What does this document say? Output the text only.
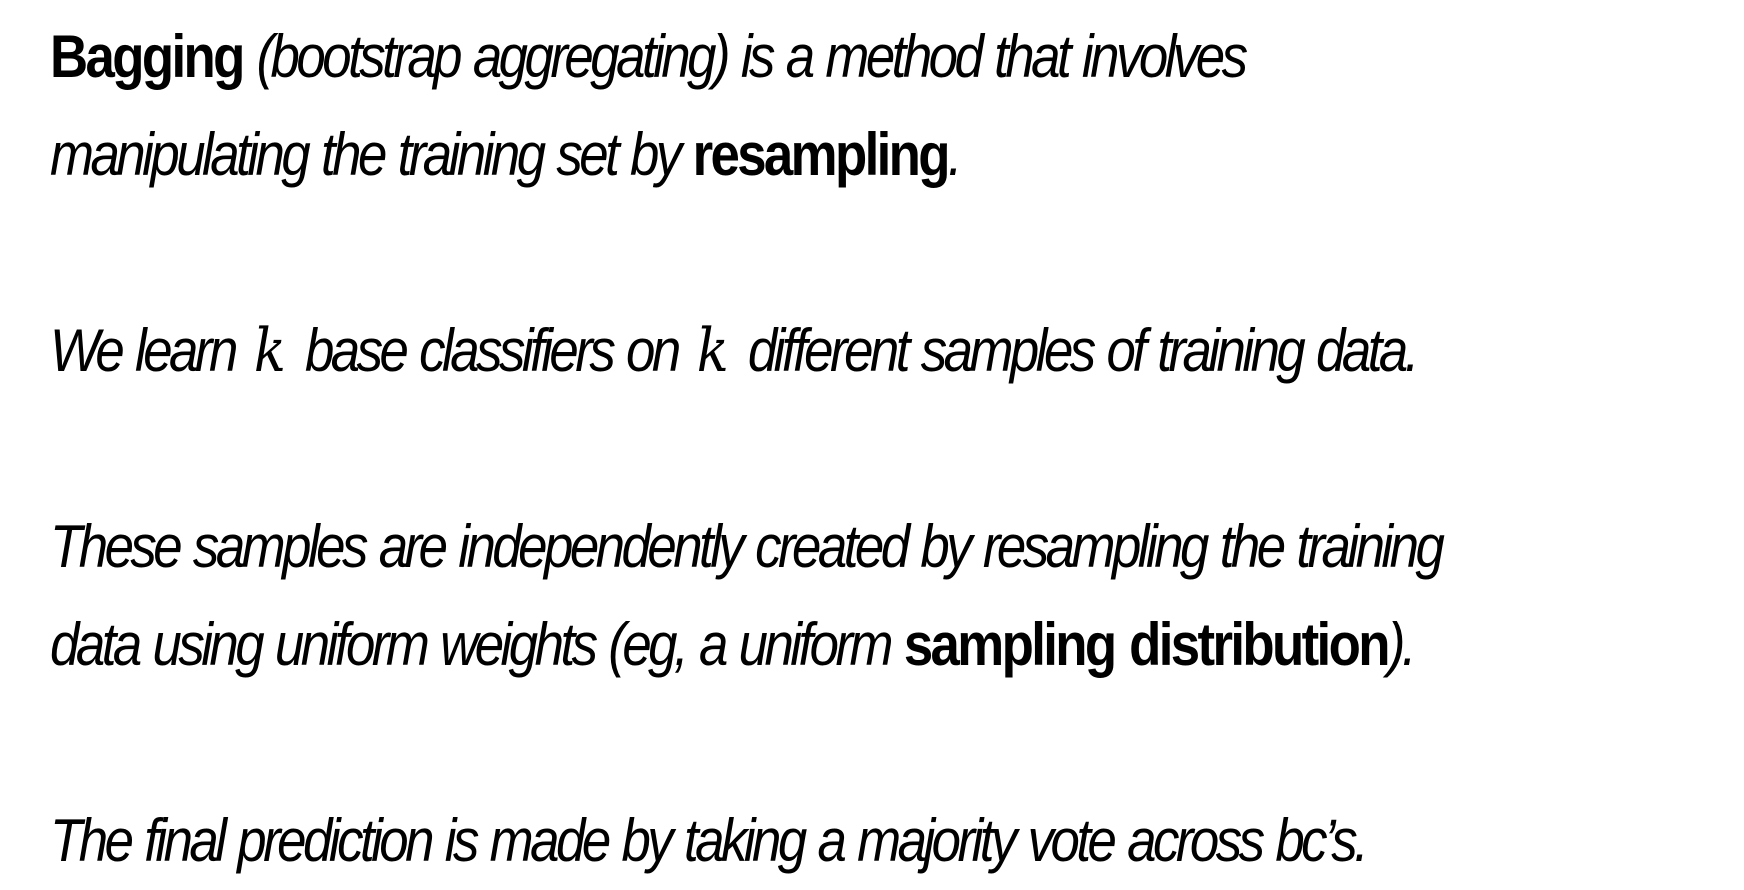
Bagging (bootstrap aggregating) is a method that involves
manipulating the training set by resampling.
We learn k base classifiers on k different samples of training data.
These samples are independently created by resampling the training
data using uniform weights (eg, a uniform sampling distribution).
The final prediction is made by taking a majority vote across bc’s.
